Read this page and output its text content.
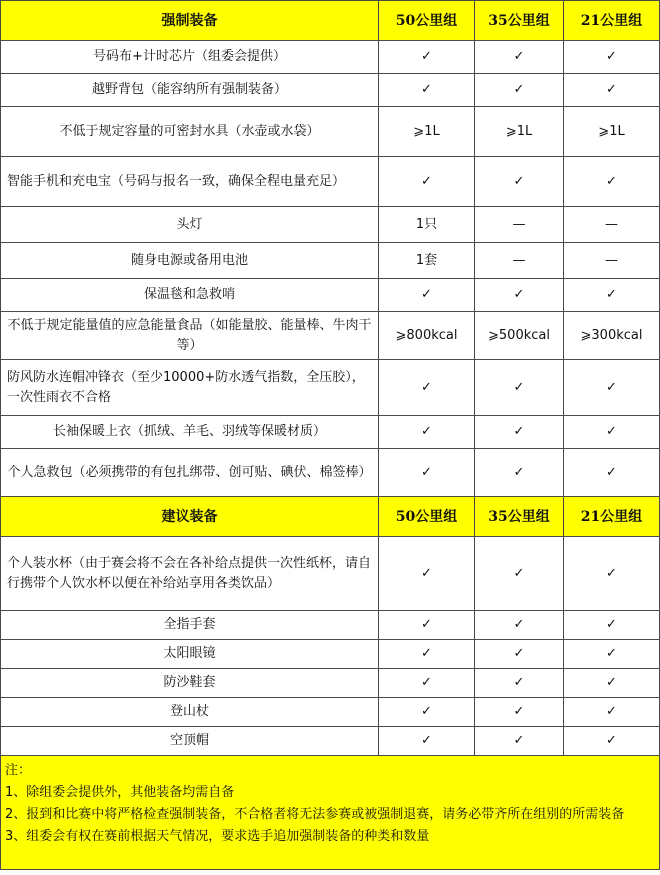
强制装备	50公里组	35公里组	21公里组
号码布+计时芯片（组委会提供）	✓	✓	✓
越野背包（能容纳所有强制装备）	✓	✓	✓
不低于规定容量的可密封水具（水壶或水袋）	⩾1L	⩾1L	⩾1L
智能手机和充电宝（号码与报名一致，确保全程电量充足）	✓	✓	✓
头灯	1只	—	—
随身电源或备用电池	1套	—	—
保温毯和急救哨	✓	✓	✓
不低于规定能量值的应急能量食品（如能量胶、能量棒、牛肉干等）	⩾800kcal	⩾500kcal	⩾300kcal
防风防水连帽冲锋衣（至少10000+防水透气指数，全压胶），一次性雨衣不合格	✓	✓	✓
长袖保暖上衣（抓绒、羊毛、羽绒等保暖材质）	✓	✓	✓
个人急救包（必须携带的有包扎绑带、创可贴、碘伏、棉签棒）	✓	✓	✓
建议装备	50公里组	35公里组	21公里组
个人装水杯（由于赛会将不会在各补给点提供一次性纸杯，请自行携带个人饮水杯以便在补给站享用各类饮品）	✓	✓	✓
全指手套	✓	✓	✓
太阳眼镜	✓	✓	✓
防沙鞋套	✓	✓	✓
登山杖	✓	✓	✓
空顶帽	✓	✓	✓

注：
1、除组委会提供外，其他装备均需自备
2、报到和比赛中将严格检查强制装备，不合格者将无法参赛或被强制退赛，请务必带齐所在组别的所需装备
3、组委会有权在赛前根据天气情况，要求选手追加强制装备的种类和数量			
